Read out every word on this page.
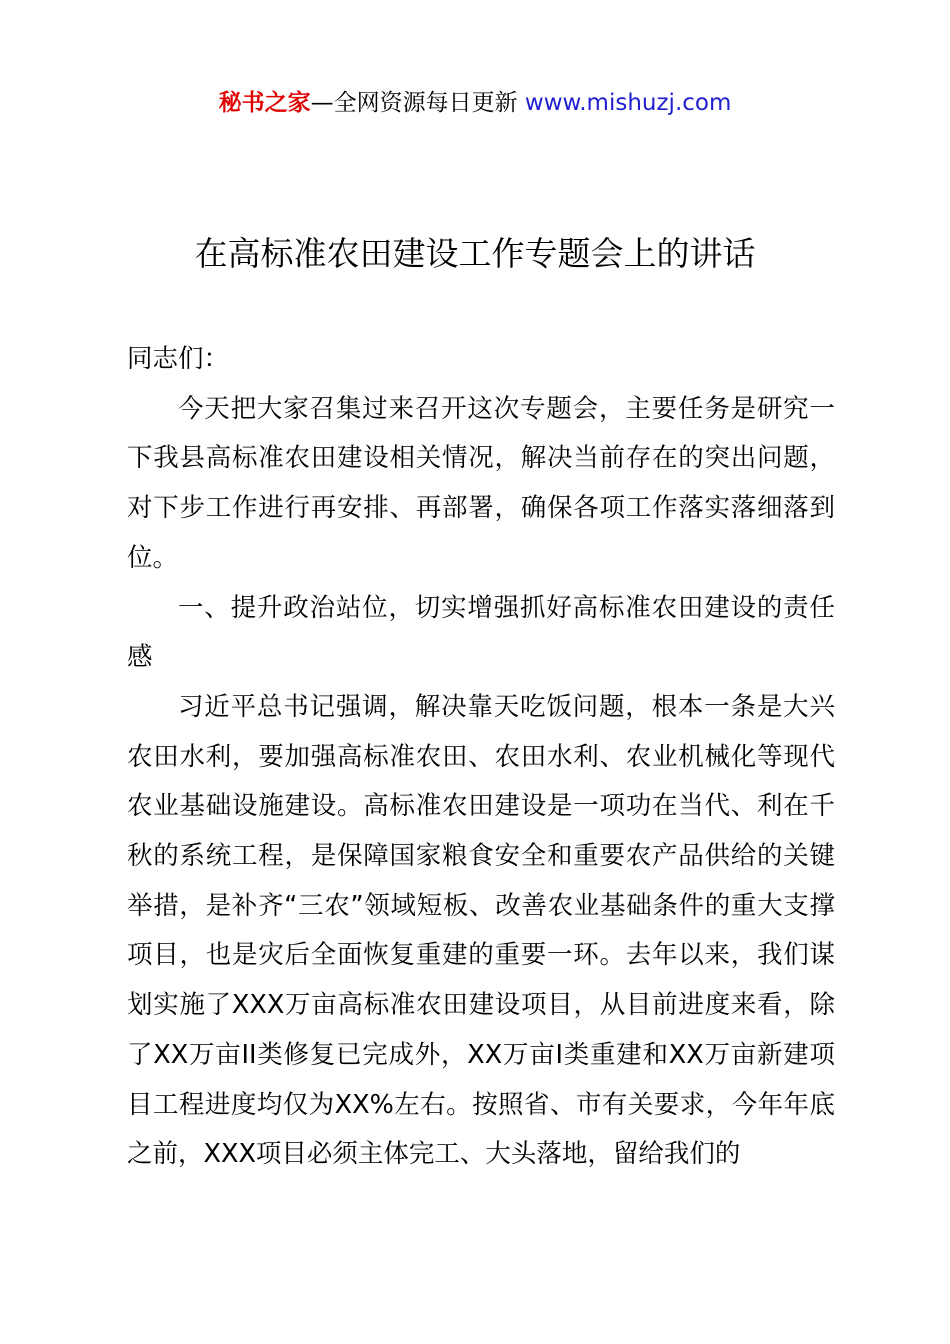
秘书之家—全网资源每日更新 www.mishuzj.com
在高标准农田建设工作专题会上的讲话

同志们：

今天把大家召集过来召开这次专题会，主要任务是研究一下我县高标准农田建设相关情况，解决当前存在的突出问题，对下步工作进行再安排、再部署，确保各项工作落实落细落到位。

一、提升政治站位，切实增强抓好高标准农田建设的责任感

习近平总书记强调，解决靠天吃饭问题，根本一条是大兴农田水利，要加强高标准农田、农田水利、农业机械化等现代农业基础设施建设。高标准农田建设是一项功在当代、利在千秋的系统工程，是保障国家粮食安全和重要农产品供给的关键举措，是补齐“三农”领域短板、改善农业基础条件的重大支撑项目，也是灾后全面恢复重建的重要一环。去年以来，我们谋划实施了XXX万亩高标准农田建设项目，从目前进度来看，除了XX万亩II类修复已完成外，XX万亩I类重建和XX万亩新建项目工程进度均仅为XX%左右。按照省、市有关要求，今年年底之前，XXX项目必须主体完工、大头落地，留给我们的
